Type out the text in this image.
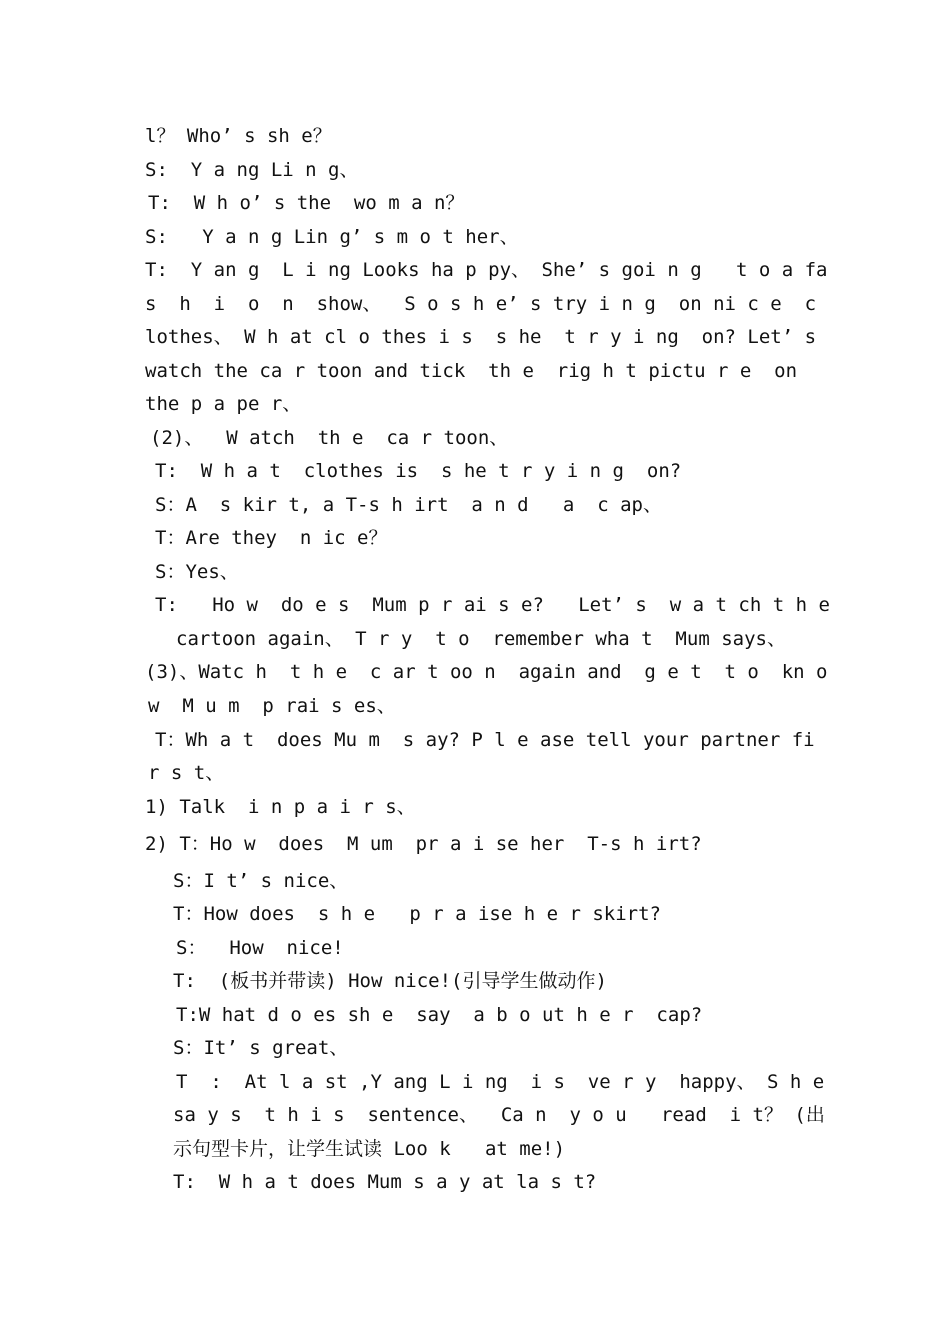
l？ Who’ s sh e？
S:  Y a ng Li n g、
T:  W h o’ s the  wo m a n？
S:   Y a n g Lin g’ s m o t her、
T:  Y an g  L i ng Looks ha p py、 She’ s goi n g   t o a fa
s  h  i  o  n  show、  S o s h e’ s try i n g  on ni c e  c
lothes、 W h at cl o thes i s  s he  t r y i ng  on? Let’ s
watch the ca r toon and tick  th e  rig h t pictu r e  on
the p a pe r、
(2)、  W atch  th e  ca r toon、
T:  W h a t  clothes is  s he t r y i n g  on?
S：A  s kir t, a T-s h irt  a n d   a  c ap、
T：Are they  n ic e？
S：Yes、
T:   Ho w  do e s  Mum p r ai s e?   Let’ s  w a t ch t h e
cartoon again、 T r y  t o  remember wha t  Mum says、
(3)、Watc h  t h e  c ar t oo n  again and  g e t  t o  kn o
w  M u m  p rai s es、
T：Wh a t  does Mu m  s ay? P l e ase tell your partner fi
r s t、
1) Talk  i n p a i r s、
2) T：Ho w  does  M um  pr a i se her  T-s h irt?
S：I t’ s nice、
T：How does  s h e   p r a ise h e r skirt?
S：  How  nice!
T:  (板书并带读) How nice!(引导学生做动作)
T:W hat d o es sh e  say  a b o ut h e r  cap?
S：It’ s great、
T  :  At l a st ,Y ang L i ng  i s  ve r y  happy、 S h e
sa y s  t h i s  sentence、  Ca n  y o u   read  i t？ (出
示句型卡片，让学生试读 Loo k   at me!)
T:  W h a t does Mum s a y at la s t?
